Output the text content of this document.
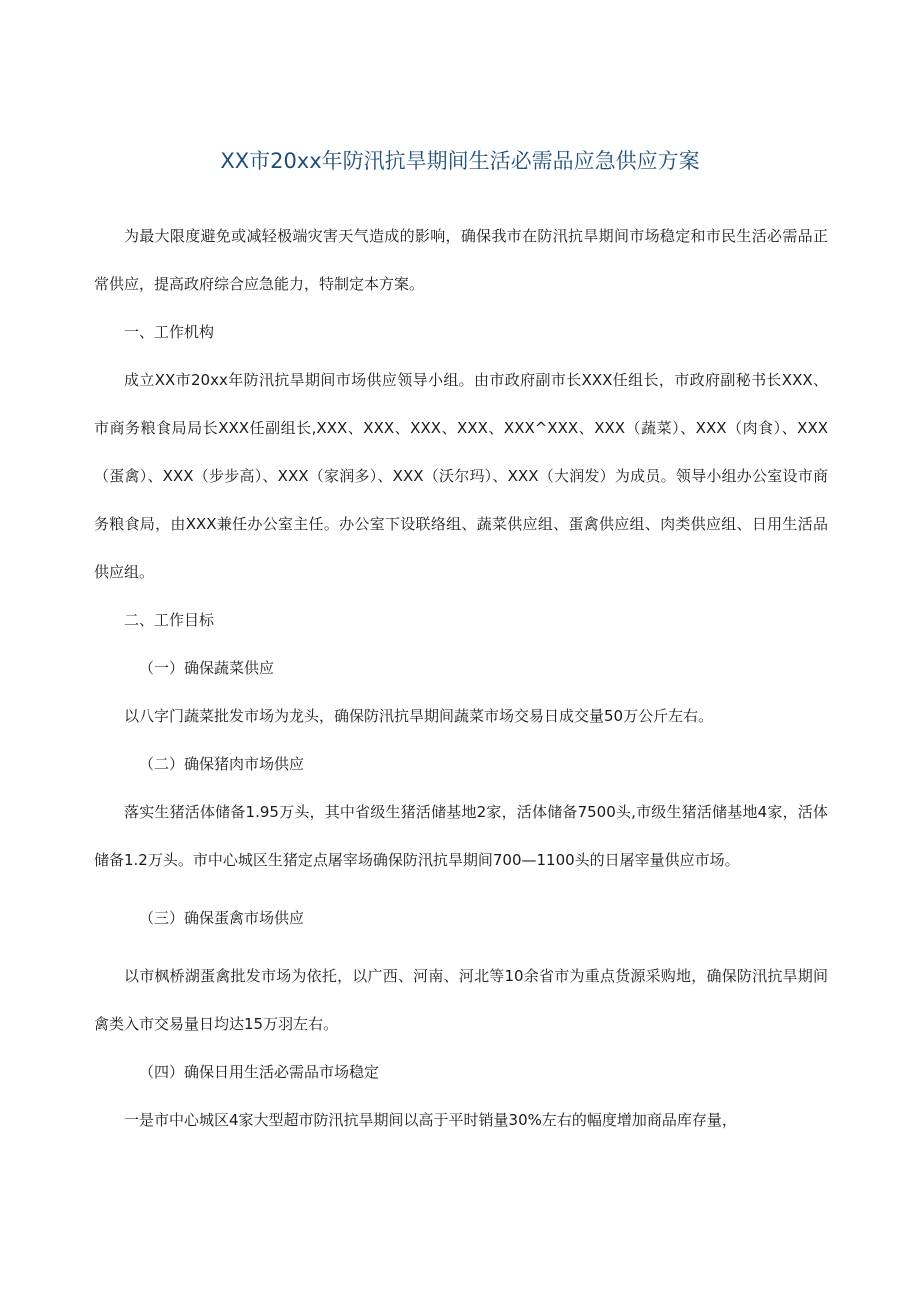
XX市20xx年防汛抗旱期间生活必需品应急供应方案

为最大限度避免或减轻极端灾害天气造成的影响，确保我市在防汛抗旱期间市场稳定和市民生活必需品正常供应，提高政府综合应急能力，特制定本方案。

一、工作机构

成立XX市20xx年防汛抗旱期间市场供应领导小组。由市政府副市长XXX任组长，市政府副秘书长XXX、市商务粮食局局长XXX任副组长,XXX、XXX、XXX、XXX、XXX^XXX、XXX（蔬菜）、XXX（肉食）、XXX（蛋禽）、XXX（步步高）、XXX（家润多）、XXX（沃尔玛）、XXX（大润发）为成员。领导小组办公室设市商务粮食局，由XXX兼任办公室主任。办公室下设联络组、蔬菜供应组、蛋禽供应组、肉类供应组、日用生活品供应组。

二、工作目标

（一）确保蔬菜供应

以八字门蔬菜批发市场为龙头，确保防汛抗旱期间蔬菜市场交易日成交量50万公斤左右。

（二）确保猪肉市场供应

落实生猪活体储备1.95万头，其中省级生猪活储基地2家，活体储备7500头,市级生猪活储基地4家，活体储备1.2万头。市中心城区生猪定点屠宰场确保防汛抗旱期间700—1100头的日屠宰量供应市场。

（三）确保蛋禽市场供应

以市枫桥湖蛋禽批发市场为依托，以广西、河南、河北等10余省市为重点货源采购地，确保防汛抗旱期间禽类入市交易量日均达15万羽左右。

（四）确保日用生活必需品市场稳定

一是市中心城区4家大型超市防汛抗旱期间以高于平时销量30%左右的幅度增加商品库存量，
